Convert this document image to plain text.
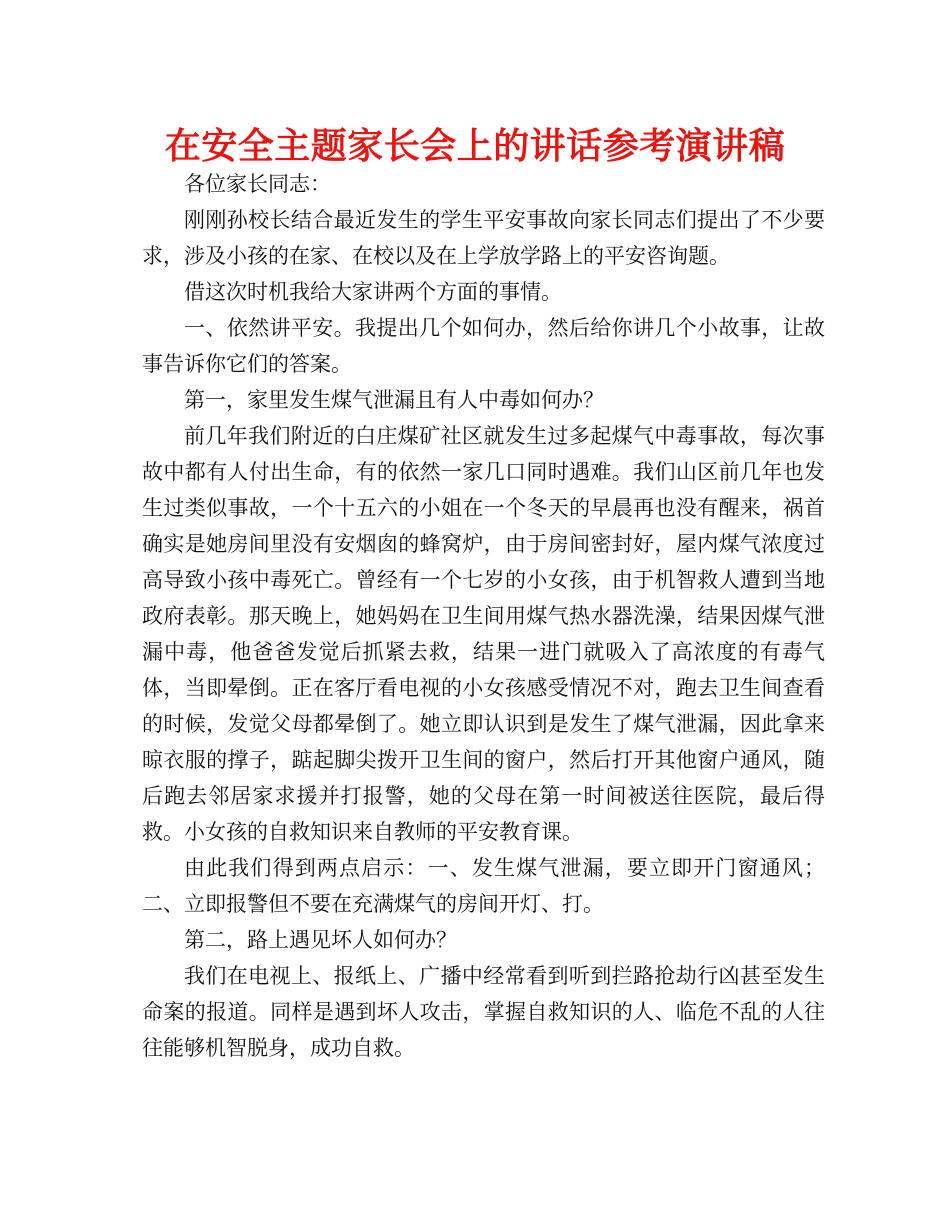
在安全主题家长会上的讲话参考演讲稿

各位家长同志：

刚刚孙校长结合最近发生的学生平安事故向家长同志们提出了不少要求，涉及小孩的在家、在校以及在上学放学路上的平安咨询题。

借这次时机我给大家讲两个方面的事情。

一、依然讲平安。我提出几个如何办，然后给你讲几个小故事，让故事告诉你它们的答案。

第一，家里发生煤气泄漏且有人中毒如何办？

前几年我们附近的白庄煤矿社区就发生过多起煤气中毒事故，每次事故中都有人付出生命，有的依然一家几口同时遇难。我们山区前几年也发生过类似事故，一个十五六的小姐在一个冬天的早晨再也没有醒来，祸首确实是她房间里没有安烟囱的蜂窝炉，由于房间密封好，屋内煤气浓度过高导致小孩中毒死亡。曾经有一个七岁的小女孩，由于机智救人遭到当地政府表彰。那天晚上，她妈妈在卫生间用煤气热水器洗澡，结果因煤气泄漏中毒，他爸爸发觉后抓紧去救，结果一进门就吸入了高浓度的有毒气体，当即晕倒。正在客厅看电视的小女孩感受情况不对，跑去卫生间查看的时候，发觉父母都晕倒了。她立即认识到是发生了煤气泄漏，因此拿来晾衣服的撑子，踮起脚尖拨开卫生间的窗户，然后打开其他窗户通风，随后跑去邻居家求援并打报警，她的父母在第一时间被送往医院，最后得救。小女孩的自救知识来自教师的平安教育课。

由此我们得到两点启示：一、发生煤气泄漏，要立即开门窗通风；二、立即报警但不要在充满煤气的房间开灯、打。

第二，路上遇见坏人如何办？

我们在电视上、报纸上、广播中经常看到听到拦路抢劫行凶甚至发生命案的报道。同样是遇到坏人攻击，掌握自救知识的人、临危不乱的人往往能够机智脱身，成功自救。
